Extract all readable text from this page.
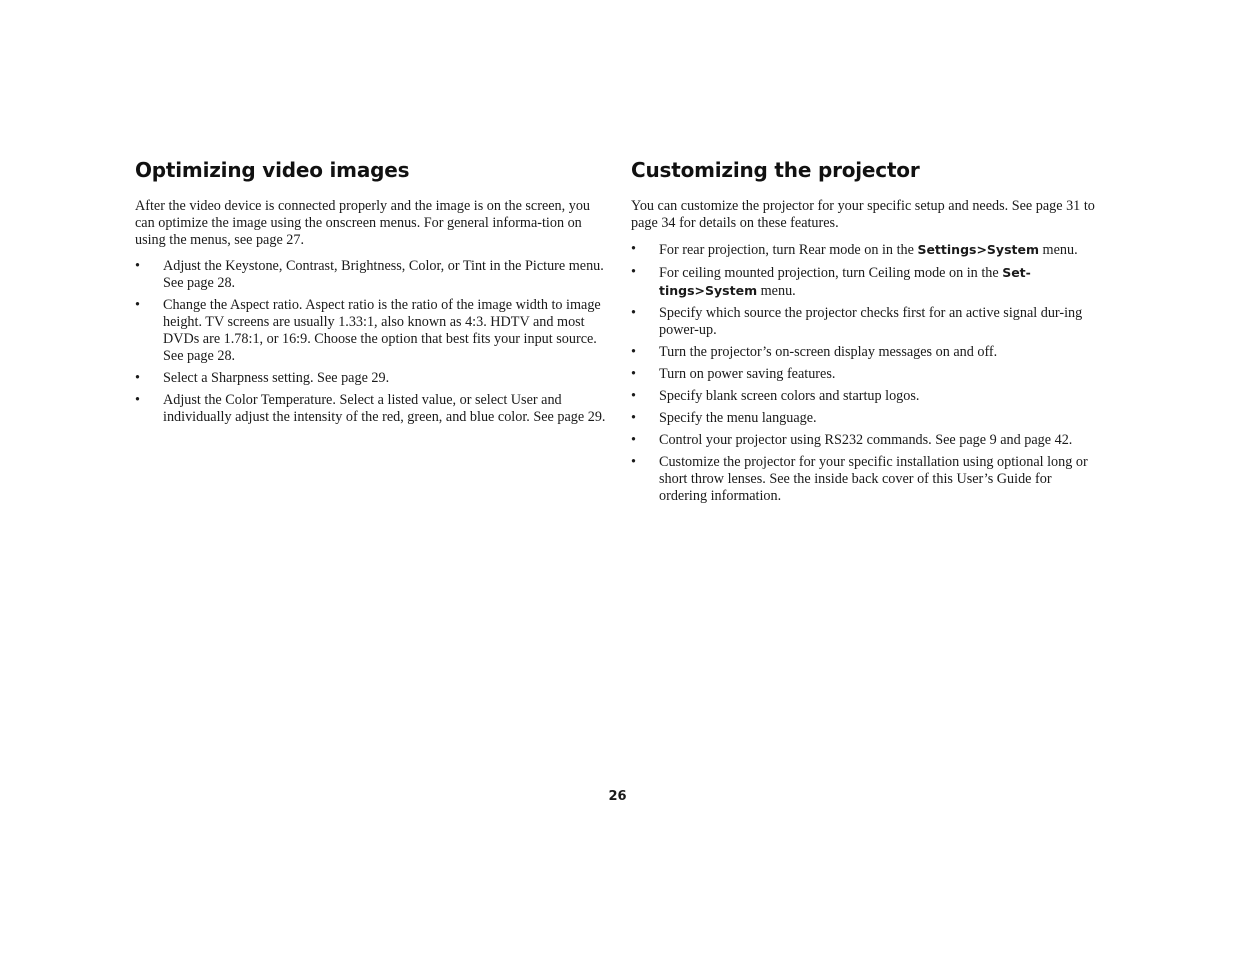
Optimizing video images

After the video device is connected properly and the image is on the screen, you can optimize the image using the onscreen menus. For general informa-tion on using the menus, see page 27.

• Adjust the Keystone, Contrast, Brightness, Color, or Tint in the Picture menu. See page 28.
• Change the Aspect ratio. Aspect ratio is the ratio of the image width to image height. TV screens are usually 1.33:1, also known as 4:3. HDTV and most DVDs are 1.78:1, or 16:9. Choose the option that best fits your input source. See page 28.
• Select a Sharpness setting. See page 29.
• Adjust the Color Temperature. Select a listed value, or select User and individually adjust the intensity of the red, green, and blue color. See page 29.
Customizing the projector

You can customize the projector for your specific setup and needs. See page 31 to page 34 for details on these features.

• For rear projection, turn Rear mode on in the Settings>System menu.
• For ceiling mounted projection, turn Ceiling mode on in the Set-tings>System menu.
• Specify which source the projector checks first for an active signal dur-ing power-up.
• Turn the projector’s on-screen display messages on and off.
• Turn on power saving features.
• Specify blank screen colors and startup logos.
• Specify the menu language.
• Control your projector using RS232 commands. See page 9 and page 42.
• Customize the projector for your specific installation using optional long or short throw lenses. See the inside back cover of this User’s Guide for ordering information.
26
